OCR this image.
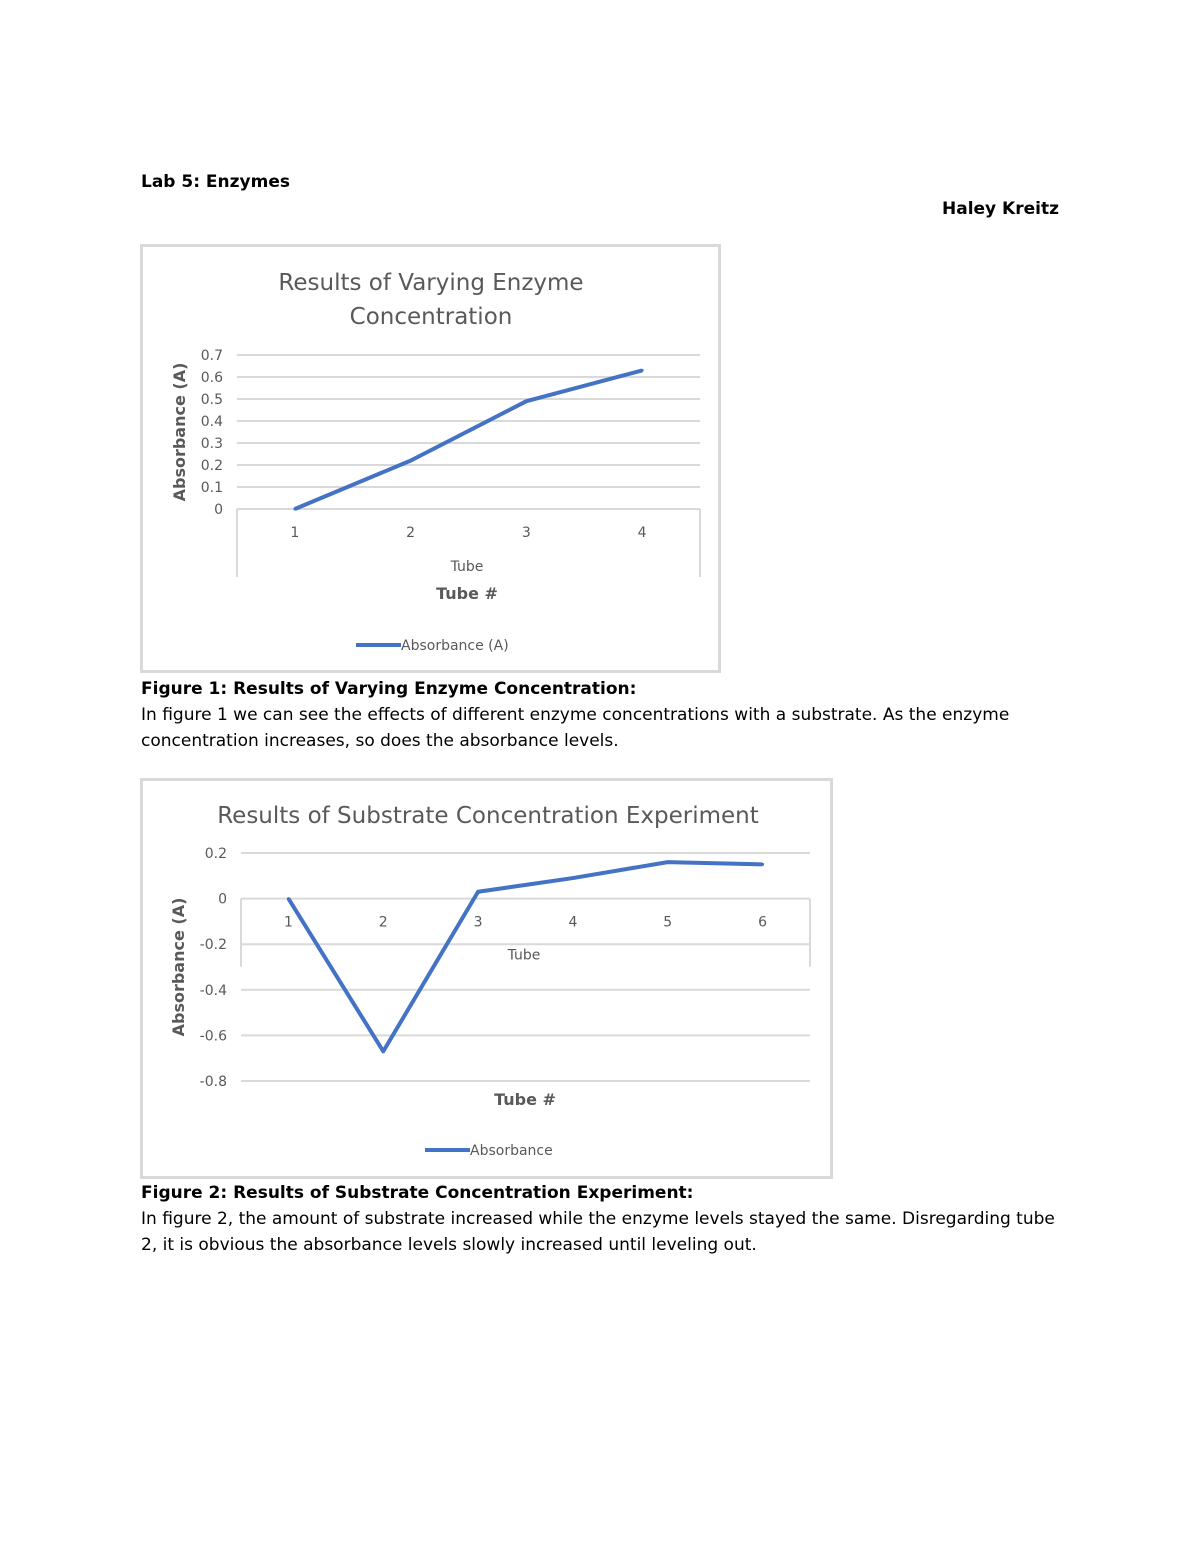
Lab 5: Enzymes
Haley Kreitz
Results of Varying Enzyme
Concentration
0
0.1
0.2
0.3
0.4
0.5
0.6
0.7
1	2	3	4
Tube
Tube #
Absorbance (A)
Absorbance (A)
Figure 1: Results of Varying Enzyme Concentration:
In figure 1 we can see the effects of different enzyme concentrations with a substrate. As the enzyme concentration increases, so does the absorbance levels.
Results of Substrate Concentration Experiment
-0.8
-0.6
-0.4
-0.2
0
0.2
1	2	3	4	5	6
Tube
Tube #
Absorbance (A)
Absorbance
Figure 2: Results of Substrate Concentration Experiment:
In figure 2, the amount of substrate increased while the enzyme levels stayed the same. Disregarding tube 2, it is obvious the absorbance levels slowly increased until leveling out.
